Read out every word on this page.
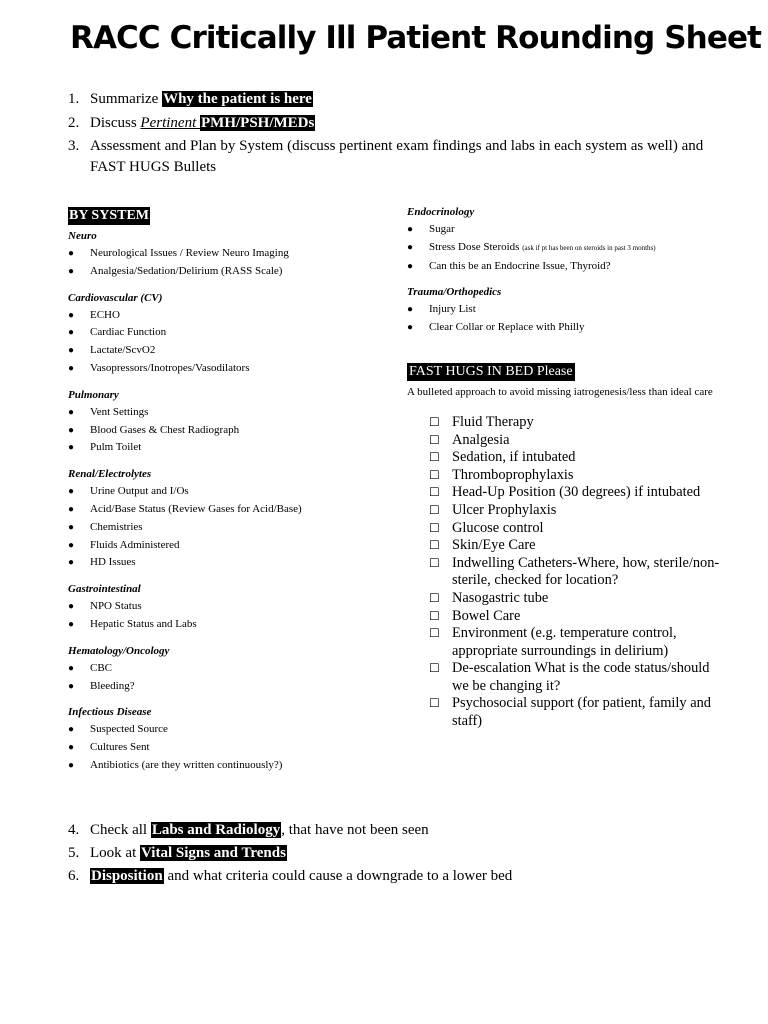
RACC Critically Ill Patient Rounding Sheet
1. Summarize Why the patient is here
2. Discuss Pertinent PMH/PSH/MEDs
3. Assessment and Plan by System (discuss pertinent exam findings and labs in each system as well) and FAST HUGS Bullets
BY SYSTEM

Neuro

● Neurological Issues / Review Neuro Imaging
● Analgesia/Sedation/Delirium (RASS Scale)

Cardiovascular (CV)

● ECHO
● Cardiac Function
● Lactate/ScvO2
● Vasopressors/Inotropes/Vasodilators

Pulmonary

● Vent Settings
● Blood Gases & Chest Radiograph
● Pulm Toilet

Renal/Electrolytes

● Urine Output and I/Os
● Acid/Base Status (Review Gases for Acid/Base)
● Chemistries
● Fluids Administered
● HD Issues

Gastrointestinal

● NPO Status
● Hepatic Status and Labs

Hematology/Oncology

● CBC
● Bleeding?

Infectious Disease

● Suspected Source
● Cultures Sent
● Antibiotics (are they written continuously?)

Endocrinology

● Sugar
● Stress Dose Steroids (ask if pt has been on steroids in past 3 months)
● Can this be an Endocrine Issue, Thyroid?

Trauma/Orthopedics

● Injury List
● Clear Collar or Replace with Philly
FAST HUGS IN BED Please

A bulleted approach to avoid missing iatrogenesis/less than ideal care

☐ Fluid Therapy
☐ Analgesia
☐ Sedation, if intubated
☐ Thromboprophylaxis
☐ Head-Up Position (30 degrees) if intubated
☐ Ulcer Prophylaxis
☐ Glucose control
☐ Skin/Eye Care
☐ Indwelling Catheters-Where, how, sterile/non-sterile, checked for location?
☐ Nasogastric tube
☐ Bowel Care
☐ Environment (e.g. temperature control, appropriate surroundings in delirium)
☐ De-escalation What is the code status/should we be changing it?
☐ Psychosocial support (for patient, family and staff)
4. Check all Labs and Radiology, that have not been seen
5. Look at Vital Signs and Trends
6. Disposition and what criteria could cause a downgrade to a lower bed
